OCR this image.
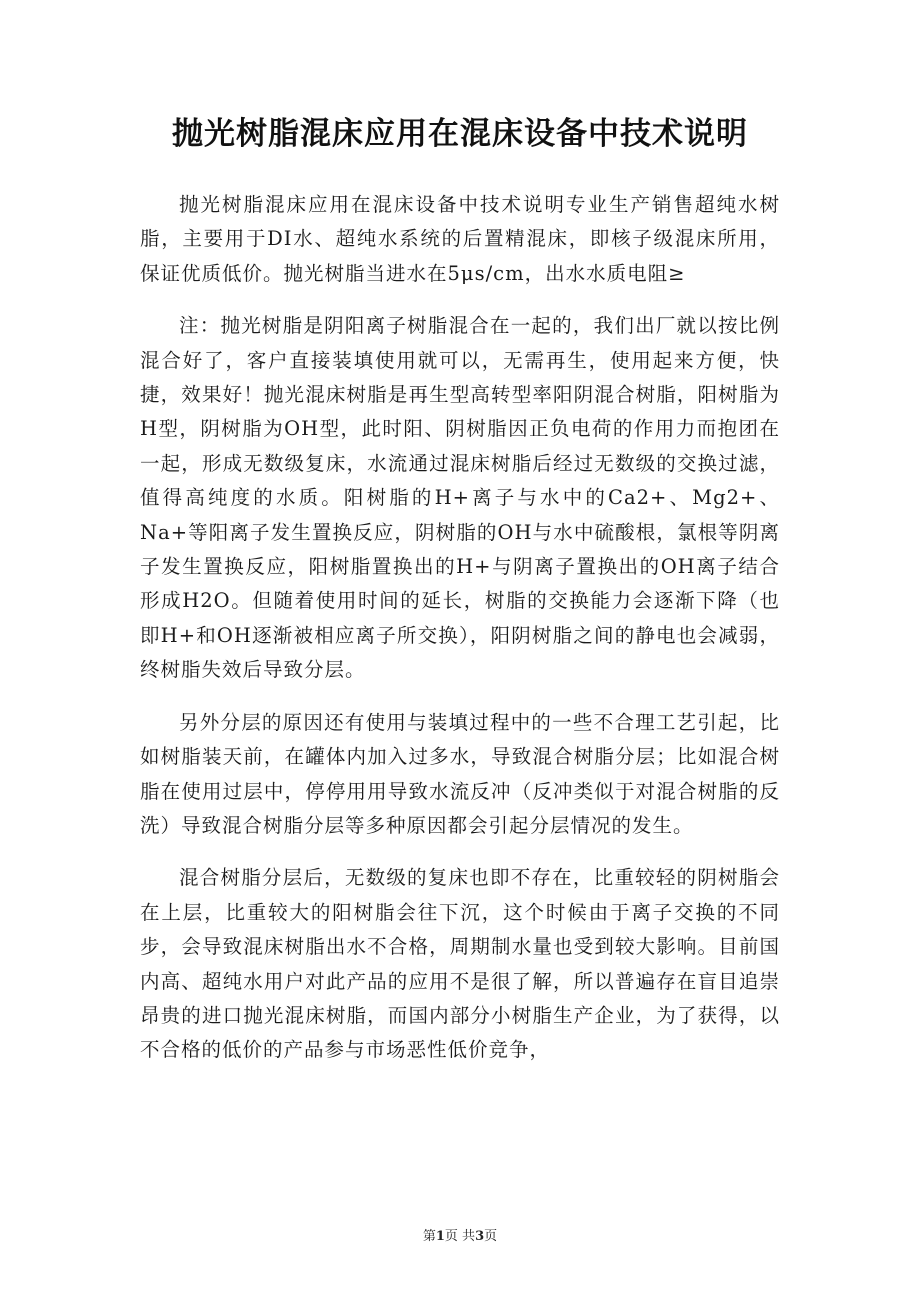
抛光树脂混床应用在混床设备中技术说明

抛光树脂混床应用在混床设备中技术说明专业生产销售超纯水树脂，主要用于DI水、超纯水系统的后置精混床，即核子级混床所用，保证优质低价。抛光树脂当进水在5μs/cm，出水水质电阻≥

注：抛光树脂是阴阳离子树脂混合在一起的，我们出厂就以按比例混合好了，客户直接装填使用就可以，无需再生，使用起来方便，快捷，效果好！抛光混床树脂是再生型高转型率阳阴混合树脂，阳树脂为H型，阴树脂为OH型，此时阳、阴树脂因正负电荷的作用力而抱团在一起，形成无数级复床，水流通过混床树脂后经过无数级的交换过滤，值得高纯度的水质。阳树脂的H+离子与水中的Ca2+、Mg2+、Na+等阳离子发生置换反应，阴树脂的OH与水中硫酸根，氯根等阴离子发生置换反应，阳树脂置换出的H+与阴离子置换出的OH离子结合形成H2O。但随着使用时间的延长，树脂的交换能力会逐渐下降（也即H+和OH逐渐被相应离子所交换），阳阴树脂之间的静电也会减弱，终树脂失效后导致分层。

另外分层的原因还有使用与装填过程中的一些不合理工艺引起，比如树脂装天前，在罐体内加入过多水，导致混合树脂分层；比如混合树脂在使用过层中，停停用用导致水流反冲（反冲类似于对混合树脂的反洗）导致混合树脂分层等多种原因都会引起分层情况的发生。

混合树脂分层后，无数级的复床也即不存在，比重较轻的阴树脂会在上层，比重较大的阳树脂会往下沉，这个时候由于离子交换的不同步，会导致混床树脂出水不合格，周期制水量也受到较大影响。目前国内高、超纯水用户对此产品的应用不是很了解，所以普遍存在盲目追崇昂贵的进口抛光混床树脂，而国内部分小树脂生产企业，为了获得，以不合格的低价的产品参与市场恶性低价竞争，

第1页 共3页
